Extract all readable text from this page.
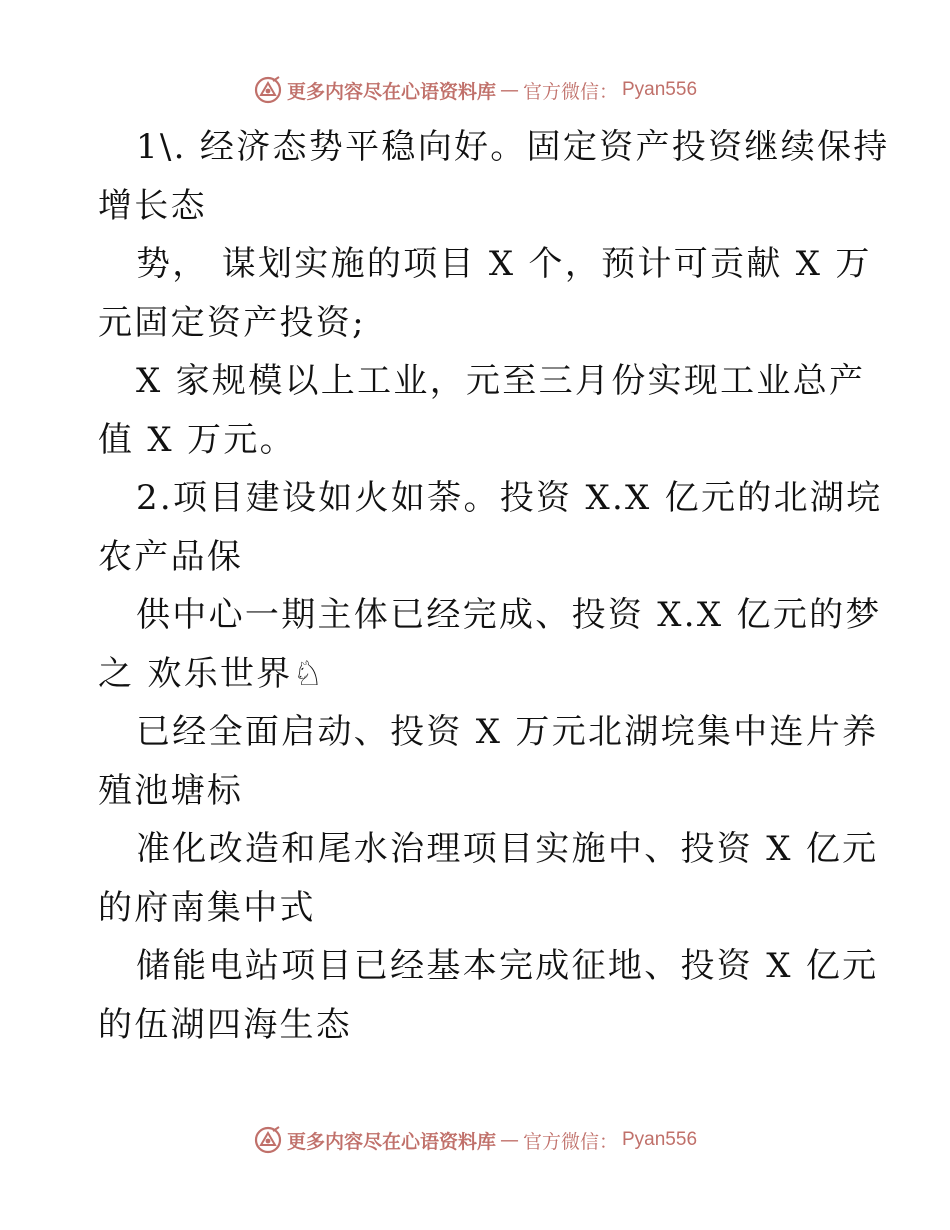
更多内容尽在心语资料库 — 官方微信： Pyan556
1\. 经济态势平稳向好。固定资产投资继续保持
增长态
势， 谋划实施的项目 X 个，预计可贡献 X 万
元固定资产投资;
X 家规模以上工业，元至三月份实现工业总产
值 X 万元。
2.项目建设如火如荼。投资 X.X 亿元的北湖垸
农产品保
供中心一期主体已经完成、投资 X.X 亿元的梦
之 欢乐世界♘
已经全面启动、投资 X 万元北湖垸集中连片养
殖池塘标
准化改造和尾水治理项目实施中、投资 X 亿元
的府南集中式
储能电站项目已经基本完成征地、投资 X 亿元
的伍湖四海生态
更多内容尽在心语资料库 — 官方微信： Pyan556
